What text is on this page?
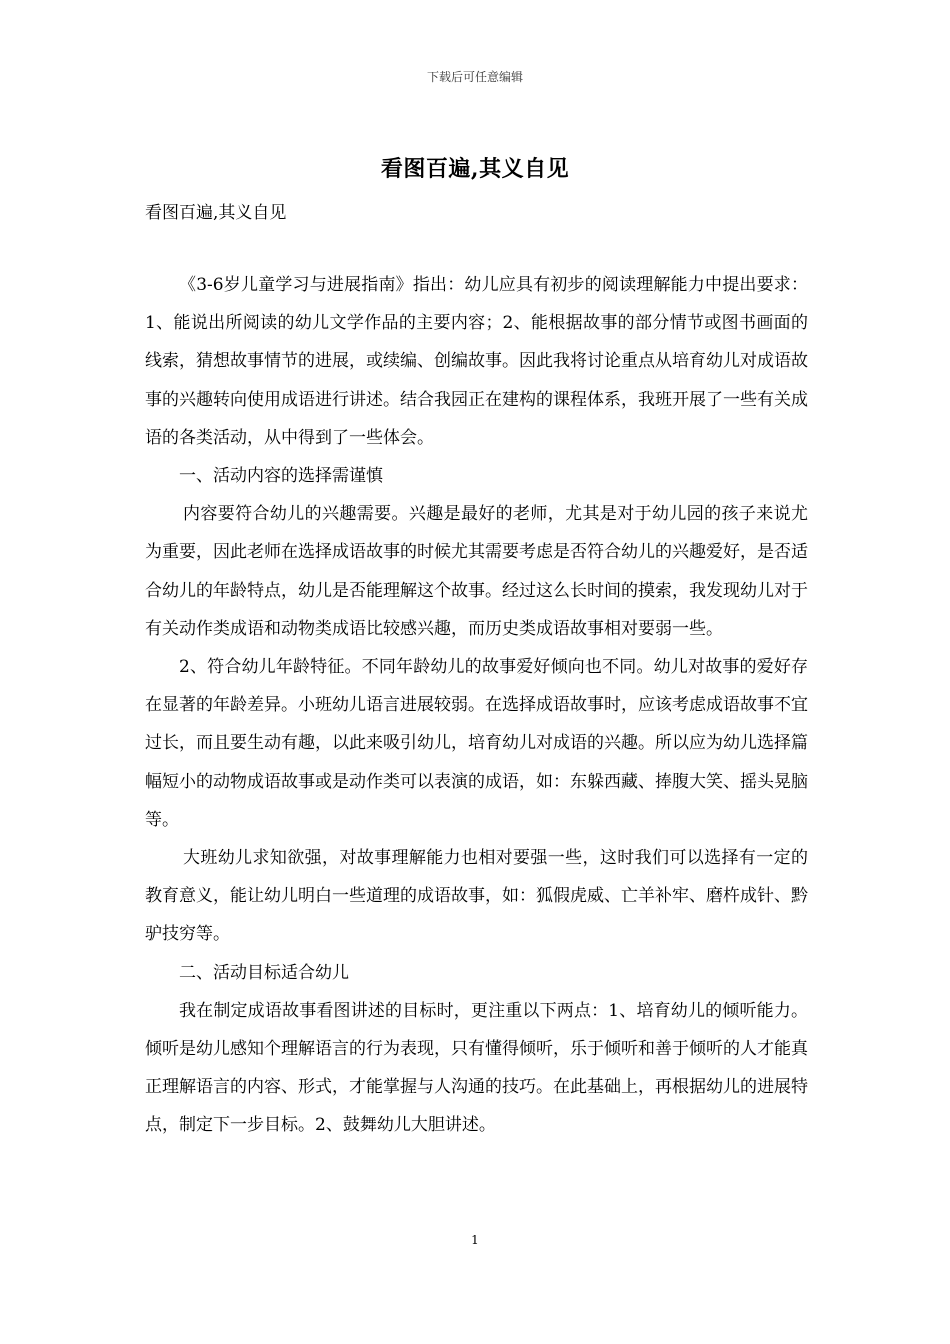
下载后可任意编辑
看图百遍,其义自见
看图百遍,其义自见

《3-6岁儿童学习与进展指南》指出：幼儿应具有初步的阅读理解能力中提出要求：1、能说出所阅读的幼儿文学作品的主要内容；2、能根据故事的部分情节或图书画面的线索，猜想故事情节的进展，或续编、创编故事。因此我将讨论重点从培育幼儿对成语故事的兴趣转向使用成语进行讲述。结合我园正在建构的课程体系，我班开展了一些有关成语的各类活动，从中得到了一些体会。

一、活动内容的选择需谨慎

内容要符合幼儿的兴趣需要。兴趣是最好的老师，尤其是对于幼儿园的孩子来说尤为重要，因此老师在选择成语故事的时候尤其需要考虑是否符合幼儿的兴趣爱好，是否适合幼儿的年龄特点，幼儿是否能理解这个故事。经过这么长时间的摸索，我发现幼儿对于有关动作类成语和动物类成语比较感兴趣，而历史类成语故事相对要弱一些。

2、符合幼儿年龄特征。不同年龄幼儿的故事爱好倾向也不同。幼儿对故事的爱好存在显著的年龄差异。小班幼儿语言进展较弱。在选择成语故事时，应该考虑成语故事不宜过长，而且要生动有趣，以此来吸引幼儿，培育幼儿对成语的兴趣。所以应为幼儿选择篇幅短小的动物成语故事或是动作类可以表演的成语，如：东躲西藏、捧腹大笑、摇头晃脑等。

大班幼儿求知欲强，对故事理解能力也相对要强一些，这时我们可以选择有一定的教育意义，能让幼儿明白一些道理的成语故事，如：狐假虎威、亡羊补牢、磨杵成针、黔驴技穷等。

二、活动目标适合幼儿

我在制定成语故事看图讲述的目标时，更注重以下两点：1、培育幼儿的倾听能力。倾听是幼儿感知个理解语言的行为表现，只有懂得倾听，乐于倾听和善于倾听的人才能真正理解语言的内容、形式，才能掌握与人沟通的技巧。在此基础上，再根据幼儿的进展特点，制定下一步目标。2、鼓舞幼儿大胆讲述。

1
